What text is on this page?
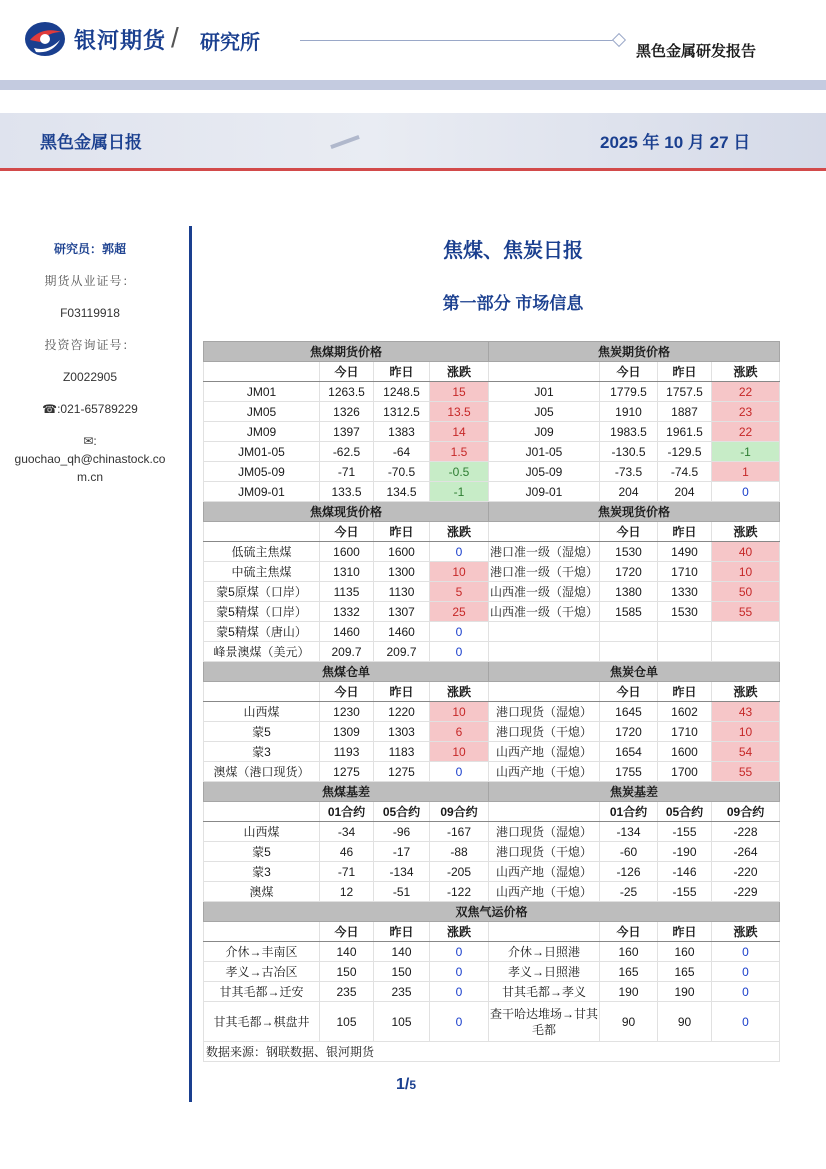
银河期货 / 研究所	黑色金属研发报告
黑色金属日报	2025 年 10 月 27 日
研究员：郭超
期货从业证号：
F03119918
投资咨询证号：
Z0022905
☎:021-65789229
✉:
guochao_qh@chinastock.com.cn
焦煤、焦炭日报
第一部分 市场信息
焦煤期货价格				焦炭期货价格			
	今日	昨日	涨跌		今日	昨日	涨跌
JM01	1263.5	1248.5	15	J01	1779.5	1757.5	22
JM05	1326	1312.5	13.5	J05	1910	1887	23
JM09	1397	1383	14	J09	1983.5	1961.5	22
JM01-05	-62.5	-64	1.5	J01-05	-130.5	-129.5	-1
JM05-09	-71	-70.5	-0.5	J05-09	-73.5	-74.5	1
JM09-01	133.5	134.5	-1	J09-01	204	204	0
焦煤现货价格				焦炭现货价格			
	今日	昨日	涨跌		今日	昨日	涨跌
低硫主焦煤	1600	1600	0	港口准一级（湿熄）	1530	1490	40
中硫主焦煤	1310	1300	10	港口准一级（干熄）	1720	1710	10
蒙5原煤（口岸）	1135	1130	5	山西准一级（湿熄）	1380	1330	50
蒙5精煤（口岸）	1332	1307	25	山西准一级（干熄）	1585	1530	55
蒙5精煤（唐山）	1460	1460	0				
峰景澳煤（美元）	209.7	209.7	0				
焦煤仓单				焦炭仓单			
	今日	昨日	涨跌		今日	昨日	涨跌
山西煤	1230	1220	10	港口现货（湿熄）	1645	1602	43
蒙5	1309	1303	6	港口现货（干熄）	1720	1710	10
蒙3	1193	1183	10	山西产地（湿熄）	1654	1600	54
澳煤（港口现货）	1275	1275	0	山西产地（干熄）	1755	1700	55
焦煤基差				焦炭基差			
	01合约	05合约	09合约		01合约	05合约	09合约
山西煤	-34	-96	-167	港口现货（湿熄）	-134	-155	-228
蒙5	46	-17	-88	港口现货（干熄）	-60	-190	-264
蒙3	-71	-134	-205	山西产地（湿熄）	-126	-146	-220
澳煤	12	-51	-122	山西产地（干熄）	-25	-155	-229
双焦气运价格							
	今日	昨日	涨跌		今日	昨日	涨跌
介休→丰南区	140	140	0	介休→日照港	160	160	0
孝义→古冶区	150	150	0	孝义→日照港	165	165	0
甘其毛都→迁安	235	235	0	甘其毛都→孝义	190	190	0
甘其毛都→棋盘井	105	105	0	查干哈达堆场→甘其毛都	90	90	0
数据来源：钢联数据、银河期货							
1/5
